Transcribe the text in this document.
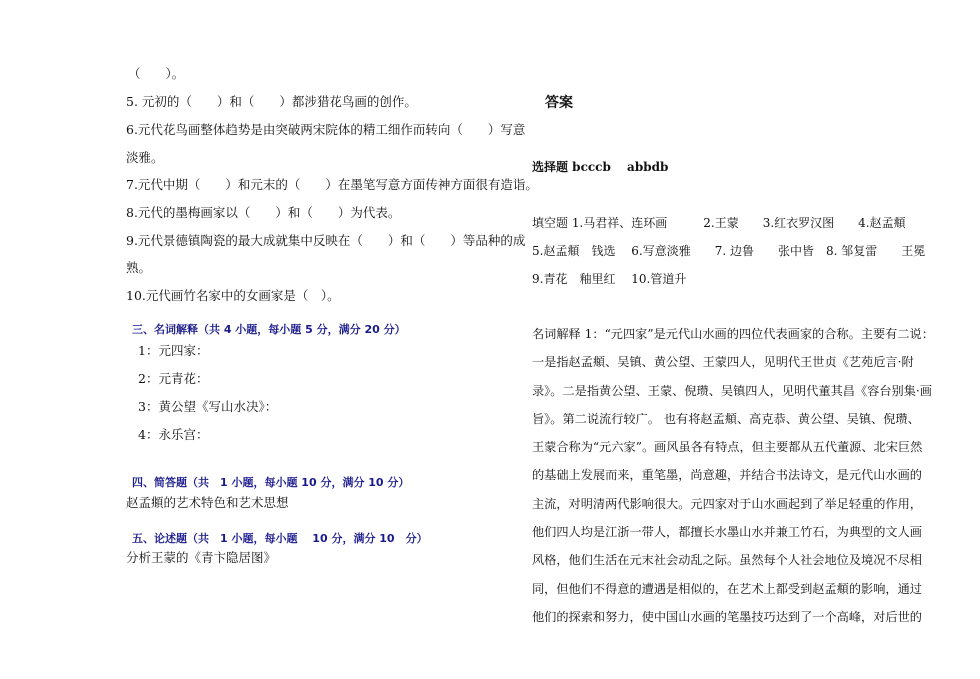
（　　）。
5. 元初的（　　）和（　　）都涉猎花鸟画的创作。
6.元代花鸟画整体趋势是由突破两宋院体的精工细作而转向（　　）写意
淡雅。
7.元代中期（　　）和元末的（　　）在墨笔写意方面传神方面很有造诣。
8.元代的墨梅画家以（　　）和（　　）为代表。
9.元代景德镇陶瓷的最大成就集中反映在（　　）和（　　）等品种的成
熟。
10.元代画竹名家中的女画家是（　）。
三、名词解释（共 4 小题，每小题 5 分，满分 20 分）
1：元四家：
2：元青花：
3：黄公望《写山水决》：
4：永乐宫：
四、简答题（共　1 小题，每小题 10 分，满分 10 分）
赵孟頫的艺术特色和艺术思想
五、论述题（共　1 小题，每小题　 10 分，满分 10　分）
分析王蒙的《青卞隐居图》
答案
选择题 bcccb　 abbdb
填空题 1.马君祥、连环画　　　2.王蒙　　3.红衣罗汉图　　4.赵孟頫
5.赵孟頫　钱选　 6.写意淡雅　　7. 边鲁　　张中皆　8. 邹复雷　　王冕
9.青花　釉里红　 10.管道升
名词解释 1：“元四家”是元代山水画的四位代表画家的合称。主要有二说：
一是指赵孟頫、吴镇、黄公望、王蒙四人，见明代王世贞《艺苑卮言·附
录》。二是指黄公望、王蒙、倪瓒、吴镇四人，见明代董其昌《容台别集·画
旨》。第二说流行较广。 也有将赵孟頫、高克恭、黄公望、吴镇、倪瓒、
王蒙合称为“元六家”。画风虽各有特点，但主要都从五代董源、北宋巨然
的基础上发展而来，重笔墨，尚意趣，并结合书法诗文，是元代山水画的
主流，对明清两代影响很大。元四家对于山水画起到了举足轻重的作用，
他们四人均是江浙一带人，都擅长水墨山水并兼工竹石，为典型的文人画
风格，他们生活在元末社会动乱之际。虽然每个人社会地位及境况不尽相
同，但他们不得意的遭遇是相似的，在艺术上都受到赵孟頫的影响，通过
他们的探索和努力，使中国山水画的笔墨技巧达到了一个高峰，对后世的
